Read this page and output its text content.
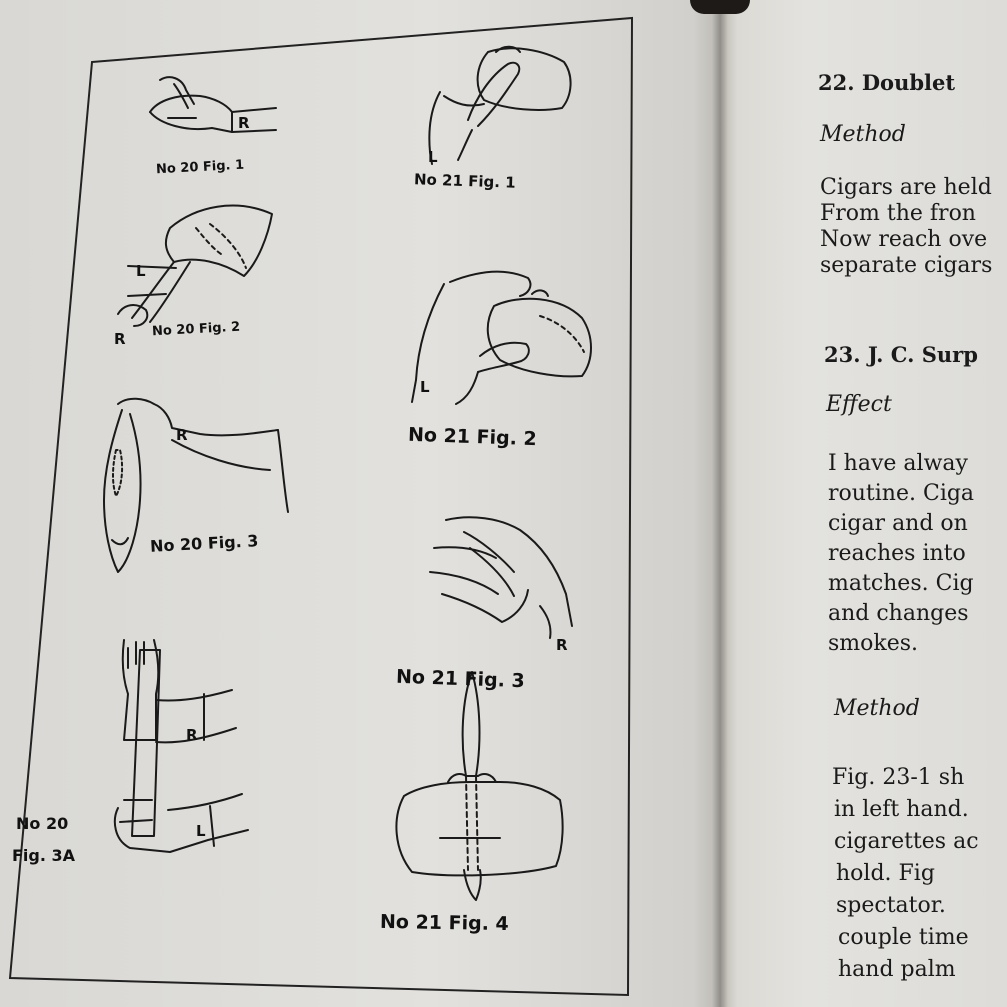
R
L
R
R
R
L
L
L
R

No 20 Fig. 1

No 20 Fig. 2

No 20 Fig. 3

No 20

Fig. 3A

No 21 Fig. 1

No 21 Fig. 2

No 21 Fig. 3

No 21 Fig. 4

22. Doublet

Method

Cigars are held

From the fron

Now reach ove

separate cigars

23. J. C. Surp

Effect

I have alway

routine. Ciga

cigar and on

reaches into

matches. Cig

and changes

smokes.

Method

Fig. 23-1 sh

in left hand.

cigarettes ac

hold. Fig

spectator.

couple time

hand palm
